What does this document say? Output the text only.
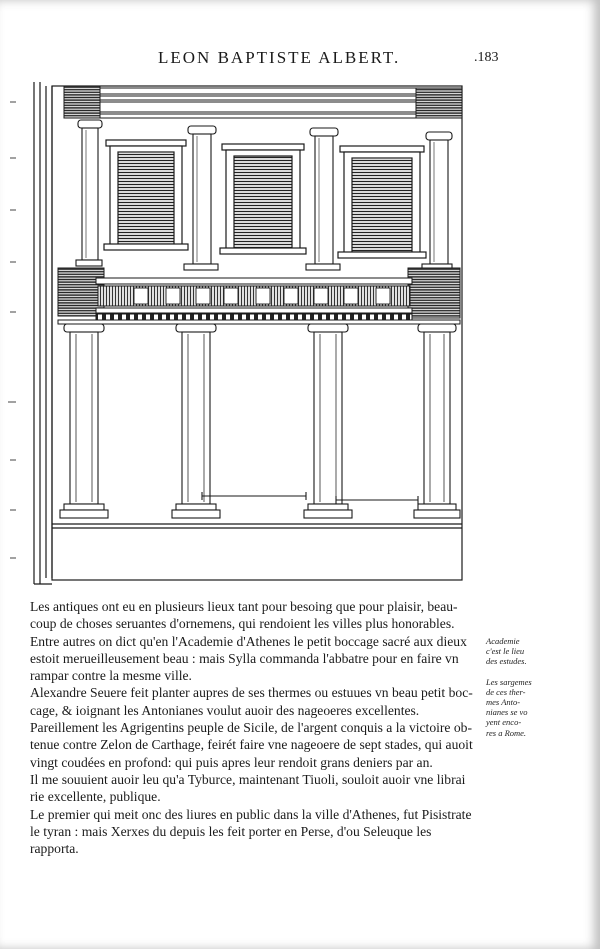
LEON BAPTISTE ALBERT.	.183

Les antiques ont eu en plusieurs lieux tant pour besoing que pour plaisir, beau-
coup de choses seruantes d'ornemens, qui rendoient les villes plus honorables.

Entre autres on dict qu'en l'Academie d'Athenes le petit boccage sacré aux dieux
estoit merueilleusement beau : mais Sylla commanda l'abbatre pour en faire vn
rampar contre la mesme ville.

Alexandre Seuere feit planter aupres de ses thermes ou estuues vn beau petit boc-
cage, & ioignant les Antonianes voulut auoir des nageoeres excellentes.

Pareillement les Agrigentins peuple de Sicile, de l'argent conquis a la victoire ob-
tenue contre Zelon de Carthage, feirét faire vne nageoere de sept stades, qui auoit
vingt coudées en profond: qui puis apres leur rendoit grans deniers par an.

Il me souuient auoir leu qu'a Tyburce, maintenant Tiuoli, souloit auoir vne librai
rie excellente, publique.

Le premier qui meit onc des liures en public dans la ville d'Athenes, fut Pisistrate
le tyran : mais Xerxes du depuis les feit porter en Perse, d'ou Seleuque les
rapporta.

Academie
c'est le lieu
des estudes.

Les sargemes
de ces ther-
mes Anto-
nianes se vo
yent enco-
res a Rome.
